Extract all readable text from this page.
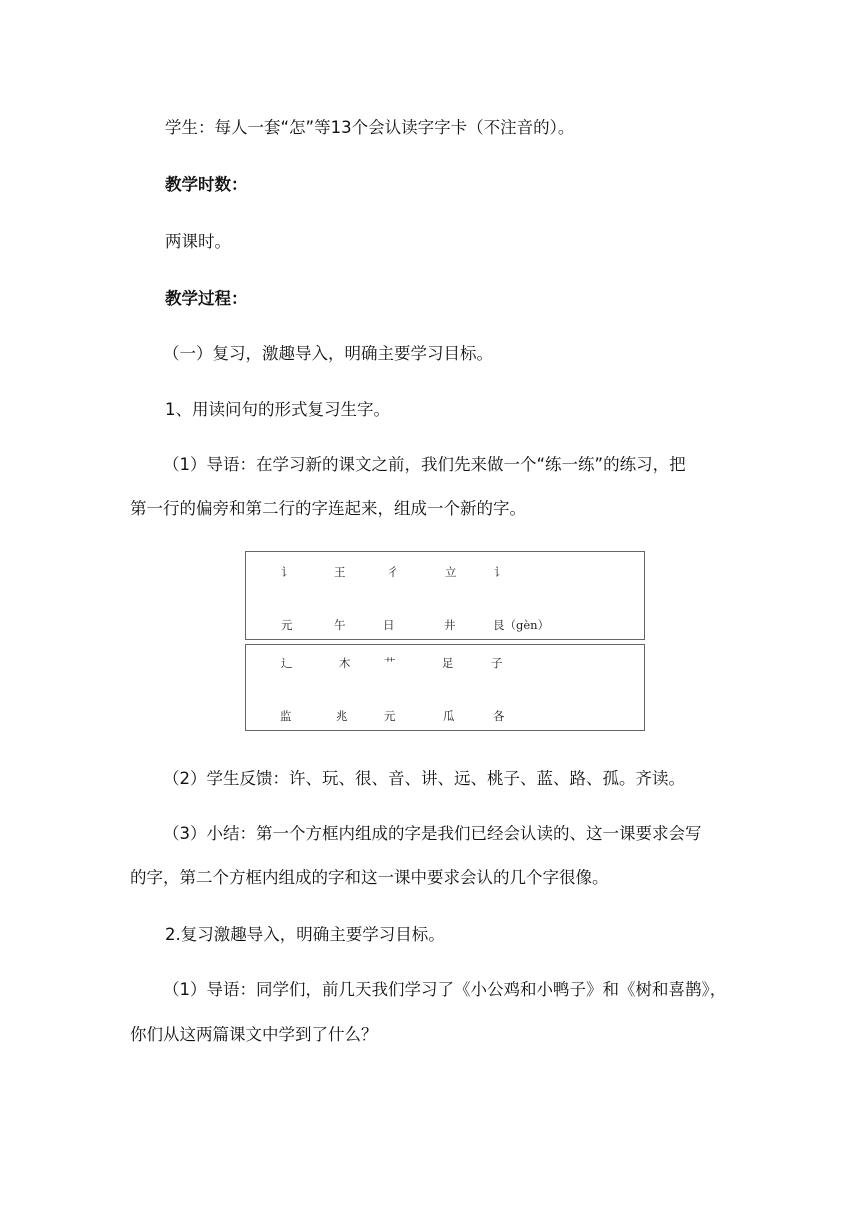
学生：每人一套“怎”等13个会认读字字卡（不注音的）。
教学时数：
两课时。
教学过程：
（一）复习，激趣导入，明确主要学习目标。
1、用读问句的形式复习生字。
（1）导语：在学习新的课文之前，我们先来做一个“练一练”的练习，把
第一行的偏旁和第二行的字连起来，组成一个新的字。
讠	王	彳	立	讠
元	午	日	井	艮（gèn）
辶	木	艹	足	子
监	兆	元	瓜	各
（2）学生反馈：许、玩、很、音、讲、远、桃子、蓝、路、孤。齐读。
（3）小结：第一个方框内组成的字是我们已经会认读的、这一课要求会写
的字，第二个方框内组成的字和这一课中要求会认的几个字很像。
2.复习激趣导入，明确主要学习目标。
（1）导语：同学们，前几天我们学习了《小公鸡和小鸭子》和《树和喜鹊》，
你们从这两篇课文中学到了什么？
